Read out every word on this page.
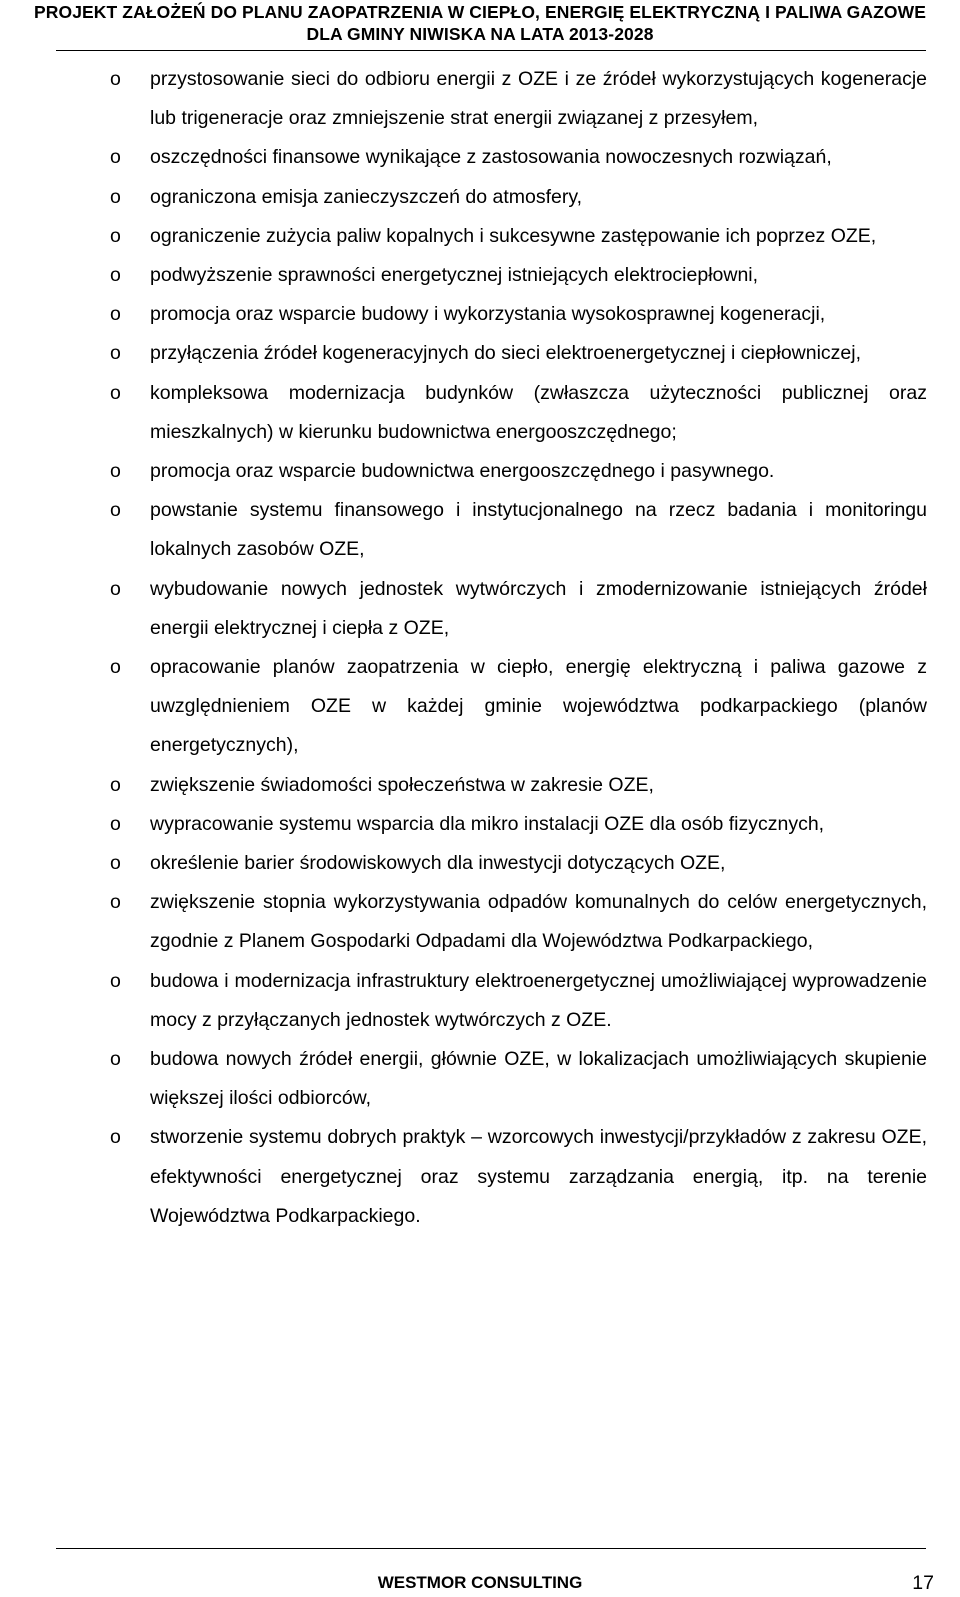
PROJEKT ZAŁOŻEŃ DO PLANU ZAOPATRZENIA W CIEPŁO, ENERGIĘ ELEKTRYCZNĄ I PALIWA GAZOWE
DLA GMINY NIWISKA NA LATA 2013-2028
o przystosowanie sieci do odbioru energii z OZE i ze źródeł wykorzystujących kogeneracje lub trigeneracje oraz zmniejszenie strat energii związanej z przesyłem,
o oszczędności finansowe wynikające z zastosowania nowoczesnych rozwiązań,
o ograniczona emisja zanieczyszczeń do atmosfery,
o ograniczenie zużycia paliw kopalnych i sukcesywne zastępowanie ich poprzez OZE,
o podwyższenie sprawności energetycznej istniejących elektrociepłowni,
o promocja oraz wsparcie budowy i wykorzystania wysokosprawnej kogeneracji,
o przyłączenia źródeł kogeneracyjnych do sieci elektroenergetycznej i ciepłowniczej,
o kompleksowa modernizacja budynków (zwłaszcza użyteczności publicznej oraz mieszkalnych) w kierunku budownictwa energooszczędnego;
o promocja oraz wsparcie budownictwa energooszczędnego i pasywnego.
o powstanie systemu finansowego i instytucjonalnego na rzecz badania i monitoringu lokalnych zasobów OZE,
o wybudowanie nowych jednostek wytwórczych i zmodernizowanie istniejących źródeł energii elektrycznej i ciepła z OZE,
o opracowanie planów zaopatrzenia w ciepło, energię elektryczną i paliwa gazowe z uwzględnieniem OZE w każdej gminie województwa podkarpackiego (planów energetycznych),
o zwiększenie świadomości społeczeństwa w zakresie OZE,
o wypracowanie systemu wsparcia dla mikro instalacji OZE dla osób fizycznych,
o określenie barier środowiskowych dla inwestycji dotyczących OZE,
o zwiększenie stopnia wykorzystywania odpadów komunalnych do celów energetycznych, zgodnie z Planem Gospodarki Odpadami dla Województwa Podkarpackiego,
o budowa i modernizacja infrastruktury elektroenergetycznej umożliwiającej wyprowadzenie mocy z przyłączanych jednostek wytwórczych z OZE.
o budowa nowych źródeł energii, głównie OZE, w lokalizacjach umożliwiających skupienie większej ilości odbiorców,
o stworzenie systemu dobrych praktyk – wzorcowych inwestycji/przykładów z zakresu OZE, efektywności energetycznej oraz systemu zarządzania energią, itp. na terenie Województwa Podkarpackiego.
WESTMOR CONSULTING	17
